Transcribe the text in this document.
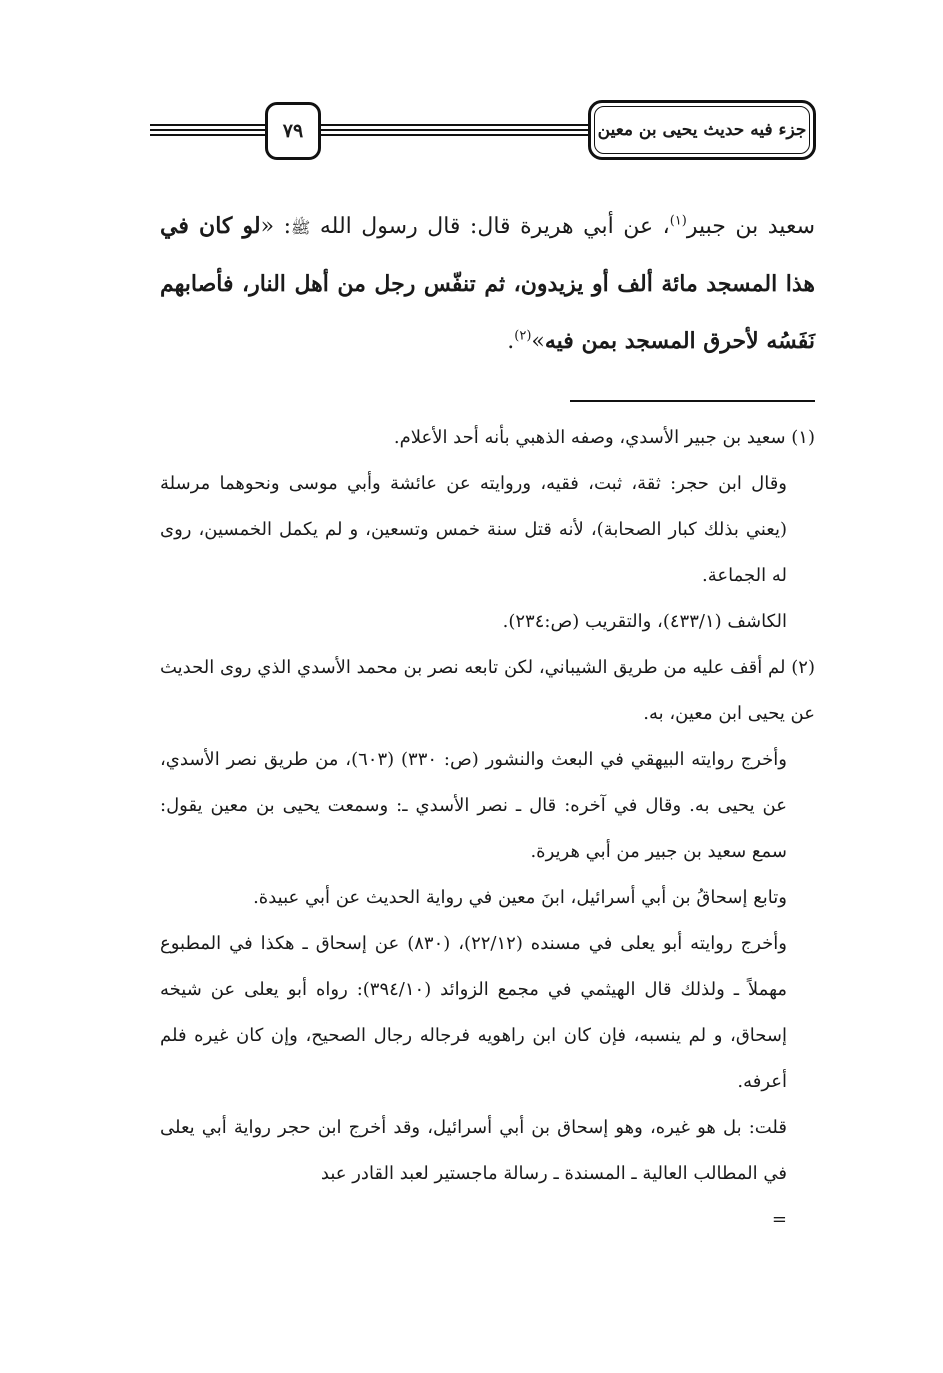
٧٩	جزء فيه حديث يحيى بن معين

سعيد بن جبير$^{(١)}$، عن أبي هريرة قال: قال رسول الله ﷺ: «لو كان في هذا المسجد مائة ألف أو يزيدون، ثم تنفّس رجل من أهل النار، فأصابهم نَفَسُه لأحرق المسجد بمن فيه»$^{(٢)}$.

(١) سعيد بن جبير الأسدي، وصفه الذهبي بأنه أحد الأعلام.

وقال ابن حجر: ثقة، ثبت، فقيه، وروايته عن عائشة وأبي موسى ونحوهما مرسلة (يعني بذلك كبار الصحابة)، لأنه قتل سنة خمس وتسعين، و لم يكمل الخمسين، روى له الجماعة.

الكاشف (٤٣٣/١)، والتقريب (ص:٢٣٤).

(٢) لم أقف عليه من طريق الشيباني، لكن تابعه نصر بن محمد الأسدي الذي روى الحديث عن يحيى ابن معين، به.

وأخرج روايته البيهقي في البعث والنشور (ص: ٣٣٠) (٦٠٣)، من طريق نصر الأسدي، عن يحيى به. وقال في آخره: قال ـ نصر الأسدي ـ: وسمعت يحيى بن معين يقول: سمع سعيد بن جبير من أبي هريرة.

وتابع إسحاقُ بن أبي أسرائيل، ابنَ معين في رواية الحديث عن أبي عبيدة.

وأخرج روايته أبو يعلى في مسنده (٢٢/١٢)، (٨٣٠) عن إسحاق ـ هكذا في المطبوع مهملاً ـ ولذلك قال الهيثمي في مجمع الزوائد (٣٩٤/١٠): رواه أبو يعلى عن شيخه إسحاق، و لم ينسبه، فإن كان ابن راهويه فرجاله رجال الصحيح، وإن كان غيره فلم أعرفه.

قلت: بل هو غيره، وهو إسحاق بن أبي أسرائيل، وقد أخرج ابن حجر رواية أبي يعلى في المطالب العالية ـ المسندة ـ رسالة ماجستير لعبد القادر عبد

=
